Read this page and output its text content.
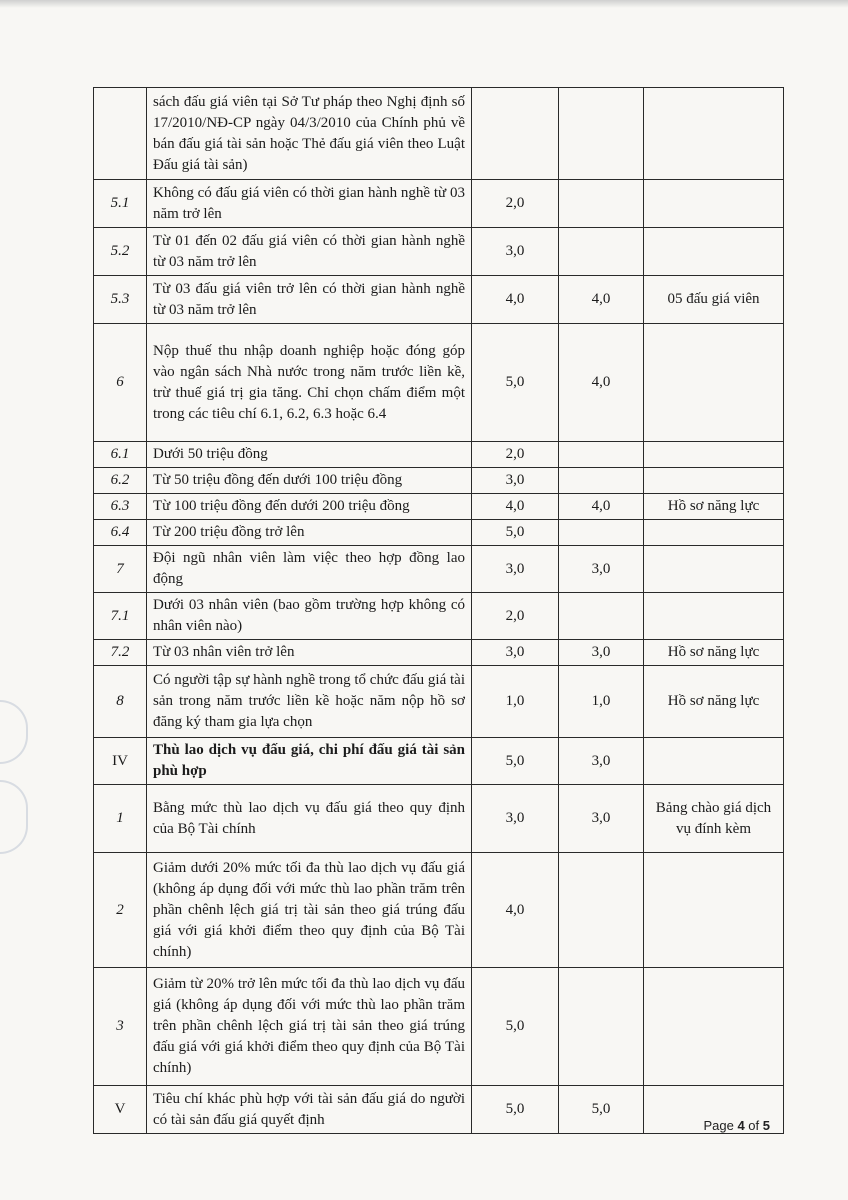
	sách đấu giá viên tại Sở Tư pháp theo Nghị định số 17/2010/NĐ-CP ngày 04/3/2010 của Chính phủ về bán đấu giá tài sản hoặc Thẻ đấu giá viên theo Luật Đấu giá tài sản)			
5.1	Không có đấu giá viên có thời gian hành nghề từ 03 năm trở lên	2,0		
5.2	Từ 01 đến 02 đấu giá viên có thời gian hành nghề từ 03 năm trở lên	3,0		
5.3	Từ 03 đấu giá viên trở lên có thời gian hành nghề từ 03 năm trở lên	4,0	4,0	05 đấu giá viên
6	Nộp thuế thu nhập doanh nghiệp hoặc đóng góp vào ngân sách Nhà nước trong năm trước liền kề, trừ thuế giá trị gia tăng. Chỉ chọn chấm điểm một trong các tiêu chí 6.1, 6.2, 6.3 hoặc 6.4	5,0	4,0	
6.1	Dưới 50 triệu đồng	2,0		
6.2	Từ 50 triệu đồng đến dưới 100 triệu đồng	3,0		
6.3	Từ 100 triệu đồng đến dưới 200 triệu đồng	4,0	4,0	Hồ sơ năng lực
6.4	Từ 200 triệu đồng trở lên	5,0		
7	Đội ngũ nhân viên làm việc theo hợp đồng lao động	3,0	3,0	
7.1	Dưới 03 nhân viên (bao gồm trường hợp không có nhân viên nào)	2,0		
7.2	Từ 03 nhân viên trở lên	3,0	3,0	Hồ sơ năng lực
8	Có người tập sự hành nghề trong tổ chức đấu giá tài sản trong năm trước liền kề hoặc năm nộp hồ sơ đăng ký tham gia lựa chọn	1,0	1,0	Hồ sơ năng lực
IV	Thù lao dịch vụ đấu giá, chi phí đấu giá tài sản phù hợp	5,0	3,0	
1	Bằng mức thù lao dịch vụ đấu giá theo quy định của Bộ Tài chính	3,0	3,0	Bảng chào giá dịch vụ đính kèm
2	Giảm dưới 20% mức tối đa thù lao dịch vụ đấu giá (không áp dụng đối với mức thù lao phần trăm trên phần chênh lệch giá trị tài sản theo giá trúng đấu giá với giá khởi điểm theo quy định của Bộ Tài chính)	4,0		
3	Giảm từ 20% trở lên mức tối đa thù lao dịch vụ đấu giá (không áp dụng đối với mức thù lao phần trăm trên phần chênh lệch giá trị tài sản theo giá trúng đấu giá với giá khởi điểm theo quy định của Bộ Tài chính)	5,0		
V	Tiêu chí khác phù hợp với tài sản đấu giá do người có tài sản đấu giá quyết định	5,0	5,0	
Page 4 of 5
